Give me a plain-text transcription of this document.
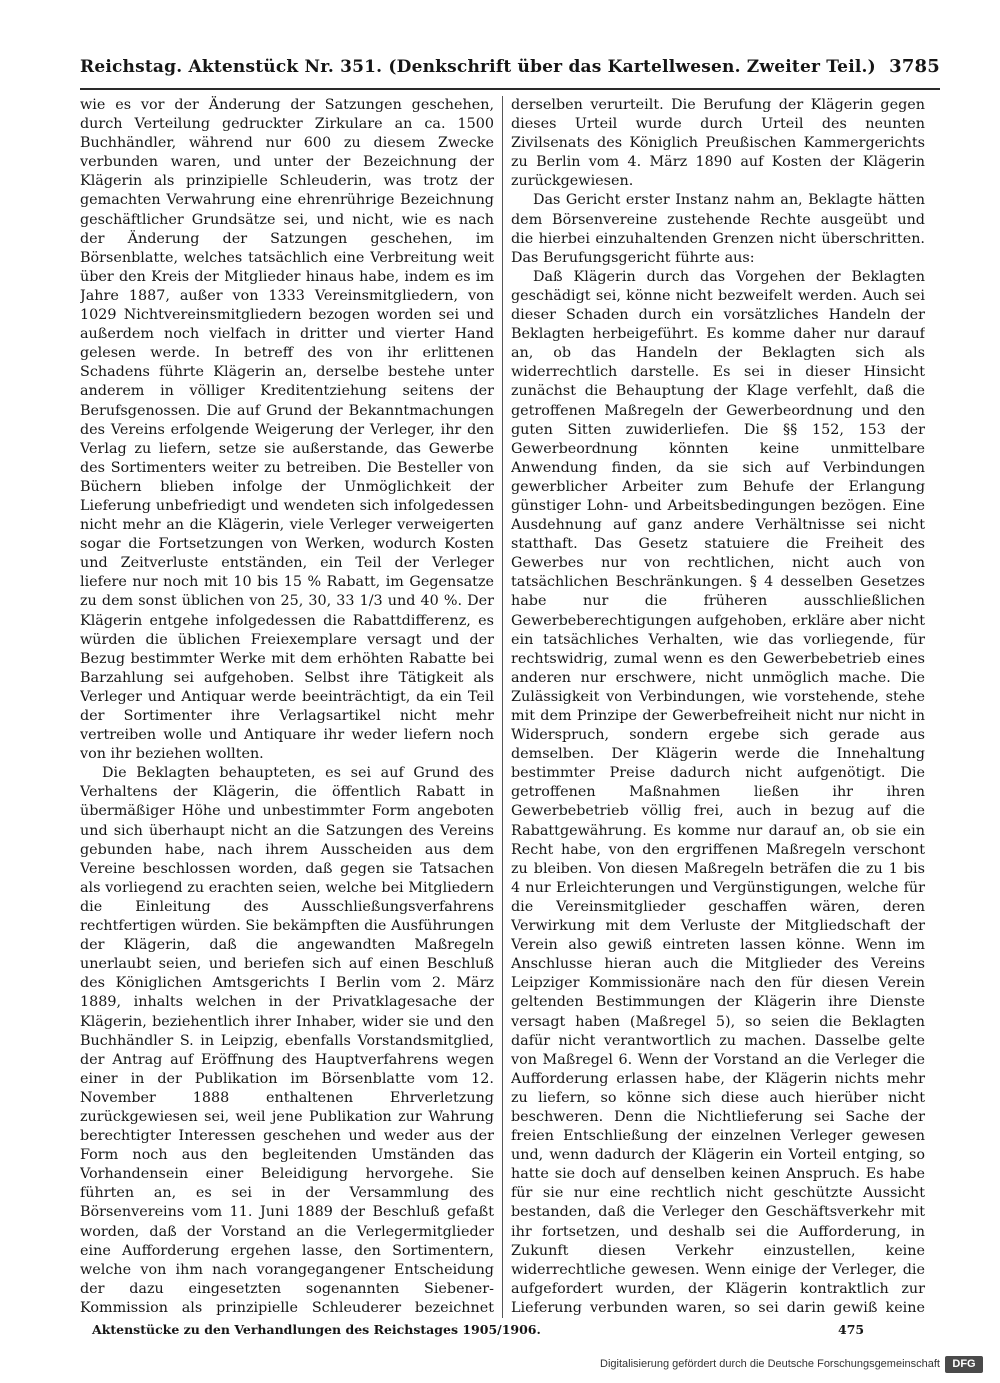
Reichstag. Aktenstück Nr. 351. (Denkschrift über das Kartellwesen. Zweiter Teil.) 3785

wie es vor der Änderung der Satzungen geschehen, durch Verteilung gedruckter Zirkulare an ca. 1500 Buchhändler, während nur 600 zu diesem Zwecke verbunden waren, und unter der Bezeichnung der Klägerin als prinzipielle Schleuderin, was trotz der gemachten Verwahrung eine ehrenrührige Bezeichnung geschäftlicher Grundsätze sei, und nicht, wie es nach der Änderung der Satzungen geschehen, im Börsenblatte, welches tatsächlich eine Verbreitung weit über den Kreis der Mitglieder hinaus habe, indem es im Jahre 1887, außer von 1333 Vereinsmitgliedern, von 1029 Nichtvereinsmitgliedern bezogen worden sei und außerdem noch vielfach in dritter und vierter Hand gelesen werde. In betreff des von ihr erlittenen Schadens führte Klägerin an, derselbe bestehe unter anderem in völliger Kreditentziehung seitens der Berufsgenossen. Die auf Grund der Bekanntmachungen des Vereins erfolgende Weigerung der Verleger, ihr den Verlag zu liefern, setze sie außerstande, das Gewerbe des Sortimenters weiter zu betreiben. Die Besteller von Büchern blieben infolge der Unmöglichkeit der Lieferung unbefriedigt und wendeten sich infolgedessen nicht mehr an die Klägerin, viele Verleger verweigerten sogar die Fortsetzungen von Werken, wodurch Kosten und Zeitverluste entständen, ein Teil der Verleger liefere nur noch mit 10 bis 15 % Rabatt, im Gegensatze zu dem sonst üblichen von 25, 30, 33 1/3 und 40 %. Der Klägerin entgehe infolgedessen die Rabattdifferenz, es würden die üblichen Freiexemplare versagt und der Bezug bestimmter Werke mit dem erhöhten Rabatte bei Barzahlung sei aufgehoben. Selbst ihre Tätigkeit als Verleger und Antiquar werde beeinträchtigt, da ein Teil der Sortimenter ihre Verlagsartikel nicht mehr vertreiben wolle und Antiquare ihr weder liefern noch von ihr beziehen wollten.

Die Beklagten behaupteten, es sei auf Grund des Verhaltens der Klägerin, die öffentlich Rabatt in übermäßiger Höhe und unbestimmter Form angeboten und sich überhaupt nicht an die Satzungen des Vereins gebunden habe, nach ihrem Ausscheiden aus dem Vereine beschlossen worden, daß gegen sie Tatsachen als vorliegend zu erachten seien, welche bei Mitgliedern die Einleitung des Ausschließungsverfahrens rechtfertigen würden. Sie bekämpften die Ausführungen der Klägerin, daß die angewandten Maßregeln unerlaubt seien, und beriefen sich auf einen Beschluß des Königlichen Amtsgerichts I Berlin vom 2. März 1889, inhalts welchen in der Privatklagesache der Klägerin, beziehentlich ihrer Inhaber, wider sie und den Buchhändler S. in Leipzig, ebenfalls Vorstandsmitglied, der Antrag auf Eröffnung des Hauptverfahrens wegen einer in der Publikation im Börsenblatte vom 12. November 1888 enthaltenen Ehrverletzung zurückgewiesen sei, weil jene Publikation zur Wahrung berechtigter Interessen geschehen und weder aus der Form noch aus den begleitenden Umständen das Vorhandensein einer Beleidigung hervorgehe. Sie führten an, es sei in der Versammlung des Börsenvereins vom 11. Juni 1889 der Beschluß gefaßt worden, daß der Vorstand an die Verlegermitglieder eine Aufforderung ergehen lasse, den Sortimentern, welche von ihm nach vorangegangener Entscheidung der dazu eingesetzten sogenannten Siebener-Kommission als prinzipielle Schleuderer bezeichnet

derselben verurteilt. Die Berufung der Klägerin gegen dieses Urteil wurde durch Urteil des neunten Zivilsenats des Königlich Preußischen Kammergerichts zu Berlin vom 4. März 1890 auf Kosten der Klägerin zurückgewiesen.

Das Gericht erster Instanz nahm an, Beklagte hätten dem Börsenvereine zustehende Rechte ausgeübt und die hierbei einzuhaltenden Grenzen nicht überschritten. Das Berufungsgericht führte aus:

Daß Klägerin durch das Vorgehen der Beklagten geschädigt sei, könne nicht bezweifelt werden. Auch sei dieser Schaden durch ein vorsätzliches Handeln der Beklagten herbeigeführt. Es komme daher nur darauf an, ob das Handeln der Beklagten sich als widerrechtlich darstelle. Es sei in dieser Hinsicht zunächst die Behauptung der Klage verfehlt, daß die getroffenen Maßregeln der Gewerbeordnung und den guten Sitten zuwiderliefen. Die §§ 152, 153 der Gewerbeordnung könnten keine unmittelbare Anwendung finden, da sie sich auf Verbindungen gewerblicher Arbeiter zum Behufe der Erlangung günstiger Lohn- und Arbeitsbedingungen bezögen. Eine Ausdehnung auf ganz andere Verhältnisse sei nicht statthaft. Das Gesetz statuiere die Freiheit des Gewerbes nur von rechtlichen, nicht auch von tatsächlichen Beschränkungen. § 4 desselben Gesetzes habe nur die früheren ausschließlichen Gewerbeberechtigungen aufgehoben, erkläre aber nicht ein tatsächliches Verhalten, wie das vorliegende, für rechtswidrig, zumal wenn es den Gewerbebetrieb eines anderen nur erschwere, nicht unmöglich mache. Die Zulässigkeit von Verbindungen, wie vorstehende, stehe mit dem Prinzipe der Gewerbefreiheit nicht nur nicht in Widerspruch, sondern ergebe sich gerade aus demselben. Der Klägerin werde die Innehaltung bestimmter Preise dadurch nicht aufgenötigt. Die getroffenen Maßnahmen ließen ihr ihren Gewerbebetrieb völlig frei, auch in bezug auf die Rabattgewährung. Es komme nur darauf an, ob sie ein Recht habe, von den ergriffenen Maßregeln verschont zu bleiben. Von diesen Maßregeln beträfen die zu 1 bis 4 nur Erleichterungen und Vergünstigungen, welche für die Vereinsmitglieder geschaffen wären, deren Verwirkung mit dem Verluste der Mitgliedschaft der Verein also gewiß eintreten lassen könne. Wenn im Anschlusse hieran auch die Mitglieder des Vereins Leipziger Kommissionäre nach den für diesen Verein geltenden Bestimmungen der Klägerin ihre Dienste versagt haben (Maßregel 5), so seien die Beklagten dafür nicht verantwortlich zu machen. Dasselbe gelte von Maßregel 6. Wenn der Vorstand an die Verleger die Aufforderung erlassen habe, der Klägerin nichts mehr zu liefern, so könne sich diese auch hierüber nicht beschweren. Denn die Nichtlieferung sei Sache der freien Entschließung der einzelnen Verleger gewesen und, wenn dadurch der Klägerin ein Vorteil entging, so hatte sie doch auf denselben keinen Anspruch. Es habe für sie nur eine rechtlich nicht geschützte Aussicht bestanden, daß die Verleger den Geschäftsverkehr mit ihr fortsetzen, und deshalb sei die Aufforderung, in Zukunft diesen Verkehr einzustellen, keine widerrechtliche gewesen. Wenn einige der Verleger, die aufgefordert wurden, der Klägerin kontraktlich zur Lieferung verbunden waren, so sei darin gewiß keine

Aktenstücke zu den Verhandlungen des Reichstages 1905/1906.	475
Digitalisierung gefördert durch die Deutsche Forschungsgemeinschaft	DFG
